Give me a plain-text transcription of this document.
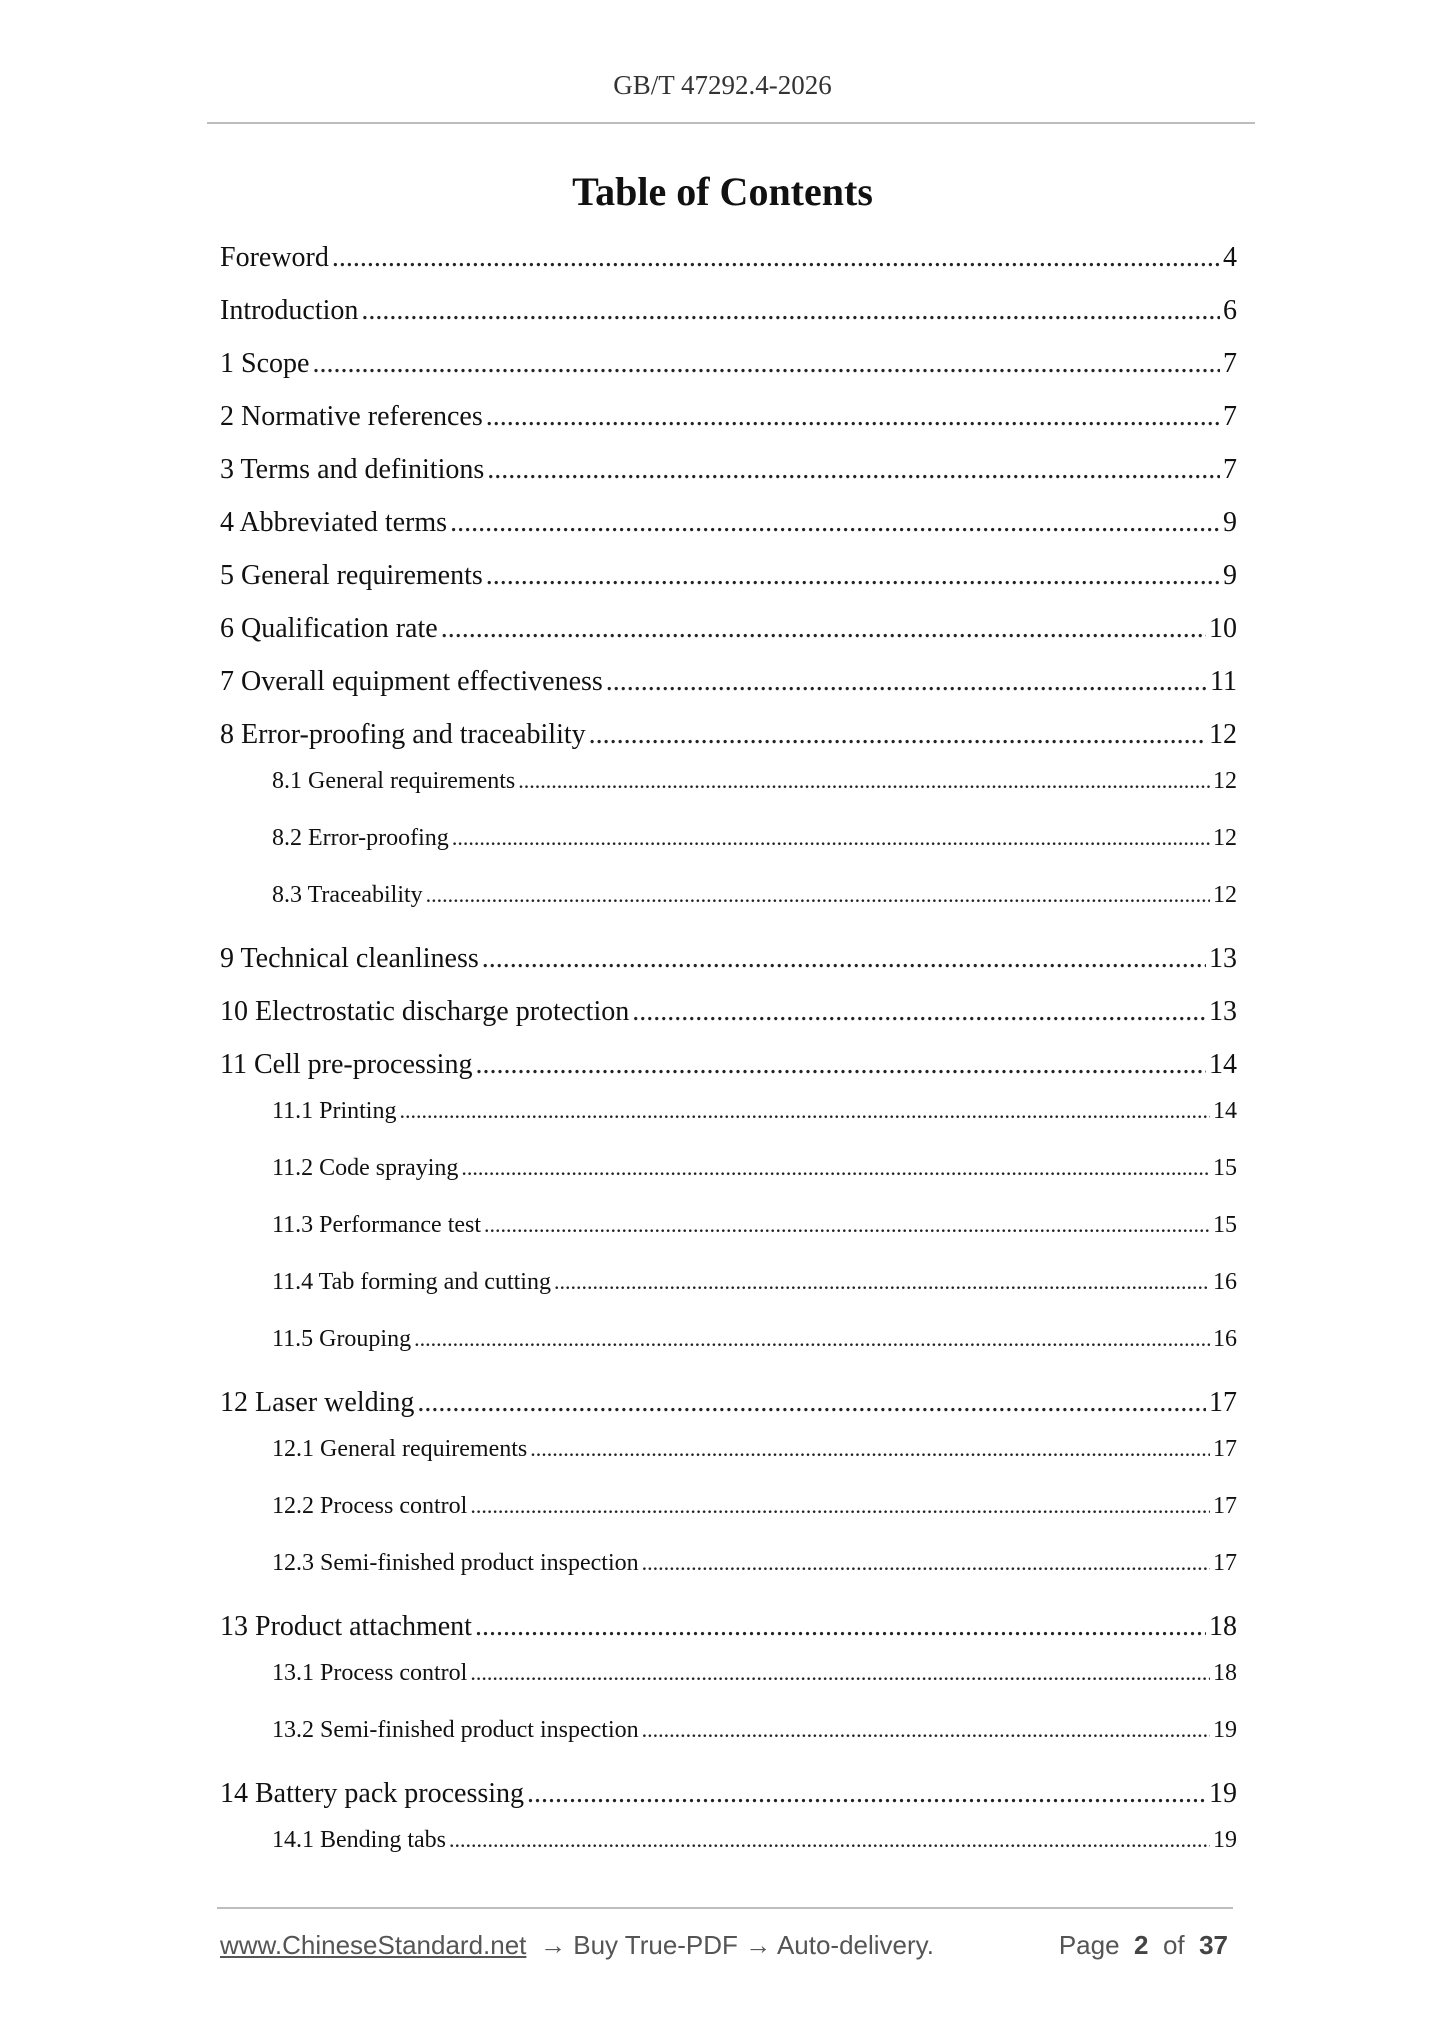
GB/T 47292.4-2026
Table of Contents
Foreword .....	4
Introduction .....	6
1 Scope .....	7
2 Normative references .....	7
3 Terms and definitions .....	7
4 Abbreviated terms .....	9
5 General requirements .....	9
6 Qualification rate .....	10
7 Overall equipment effectiveness .....	11
8 Error-proofing and traceability .....	12
8.1 General requirements .....	12
8.2 Error-proofing .....	12
8.3 Traceability .....	12
9 Technical cleanliness .....	13
10 Electrostatic discharge protection .....	13
11 Cell pre-processing .....	14
11.1 Printing .....	14
11.2 Code spraying .....	15
11.3 Performance test .....	15
11.4 Tab forming and cutting .....	16
11.5 Grouping .....	16
12 Laser welding .....	17
12.1 General requirements .....	17
12.2 Process control .....	17
12.3 Semi-finished product inspection .....	17
13 Product attachment .....	18
13.1 Process control .....	18
13.2 Semi-finished product inspection .....	19
14 Battery pack processing .....	19
14.1 Bending tabs .....	19
www.ChineseStandard.net → Buy True-PDF → Auto-delivery.	Page 2 of 37
